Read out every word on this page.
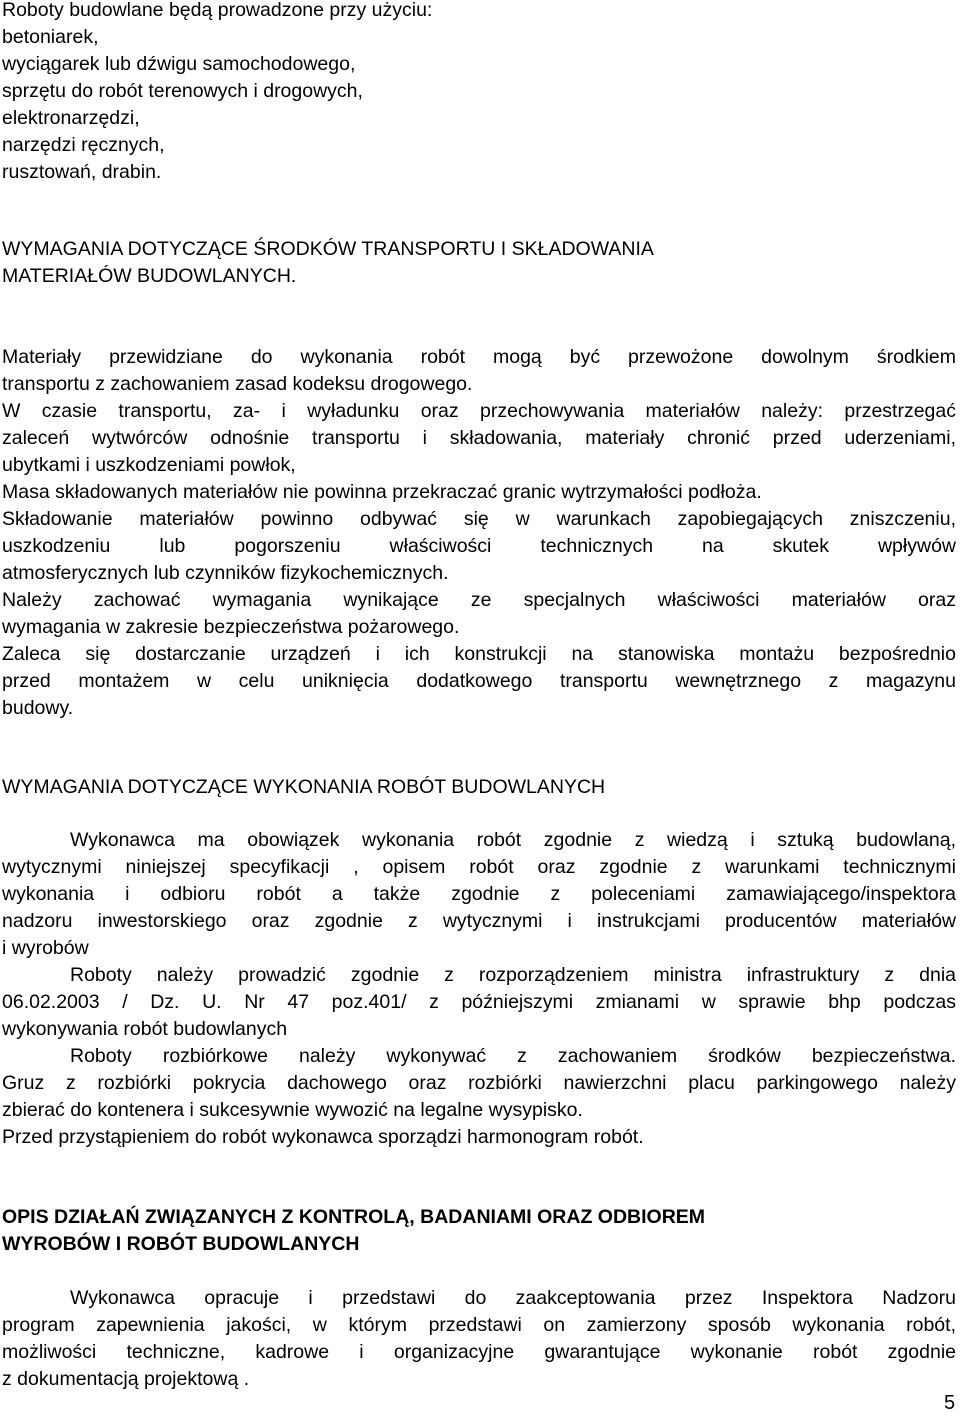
Roboty budowlane będą prowadzone przy użyciu:
betoniarek,
wyciągarek lub dźwigu samochodowego,
sprzętu do robót terenowych i drogowych,
elektronarzędzi,
narzędzi ręcznych,
rusztowań, drabin.
WYMAGANIA DOTYCZĄCE ŚRODKÓW TRANSPORTU I SKŁADOWANIA
MATERIAŁÓW BUDOWLANYCH.
Materiały przewidziane do wykonania robót mogą być przewożone dowolnym środkiem
transportu z zachowaniem zasad kodeksu drogowego.
W czasie transportu, za- i wyładunku oraz przechowywania materiałów należy: przestrzegać
zaleceń wytwórców odnośnie transportu i składowania, materiały chronić przed uderzeniami,
ubytkami i uszkodzeniami powłok,
Masa składowanych materiałów nie powinna przekraczać granic wytrzymałości podłoża.
Składowanie materiałów powinno odbywać się w warunkach zapobiegających zniszczeniu,
uszkodzeniu lub pogorszeniu właściwości technicznych na skutek wpływów
atmosferycznych lub czynników fizykochemicznych.
Należy zachować wymagania wynikające ze specjalnych właściwości materiałów oraz
wymagania w zakresie bezpieczeństwa pożarowego.
Zaleca się dostarczanie urządzeń i ich konstrukcji na stanowiska montażu bezpośrednio
przed montażem w celu uniknięcia dodatkowego transportu wewnętrznego z magazynu
budowy.
WYMAGANIA DOTYCZĄCE WYKONANIA ROBÓT BUDOWLANYCH
Wykonawca ma obowiązek wykonania robót zgodnie z wiedzą i sztuką budowlaną,
wytycznymi niniejszej specyfikacji , opisem robót oraz zgodnie z warunkami technicznymi
wykonania i odbioru robót a także zgodnie z poleceniami zamawiającego/inspektora
nadzoru inwestorskiego oraz zgodnie z wytycznymi i instrukcjami producentów materiałów
i wyrobów
Roboty należy prowadzić zgodnie z rozporządzeniem ministra infrastruktury z dnia
06.02.2003 / Dz. U. Nr 47 poz.401/ z późniejszymi zmianami w sprawie bhp podczas
wykonywania robót budowlanych
Roboty rozbiórkowe należy wykonywać z zachowaniem środków bezpieczeństwa.
Gruz z rozbiórki pokrycia dachowego oraz rozbiórki nawierzchni placu parkingowego należy
zbierać do kontenera i sukcesywnie wywozić na legalne wysypisko.
Przed przystąpieniem do robót wykonawca sporządzi harmonogram robót.
OPIS DZIAŁAŃ ZWIĄZANYCH Z KONTROLĄ, BADANIAMI ORAZ ODBIOREM
WYROBÓW I ROBÓT BUDOWLANYCH
Wykonawca opracuje i przedstawi do zaakceptowania przez Inspektora Nadzoru
program zapewnienia jakości, w którym przedstawi on zamierzony sposób wykonania robót,
możliwości techniczne, kadrowe i organizacyjne gwarantujące wykonanie robót zgodnie
z dokumentacją projektową .
5
